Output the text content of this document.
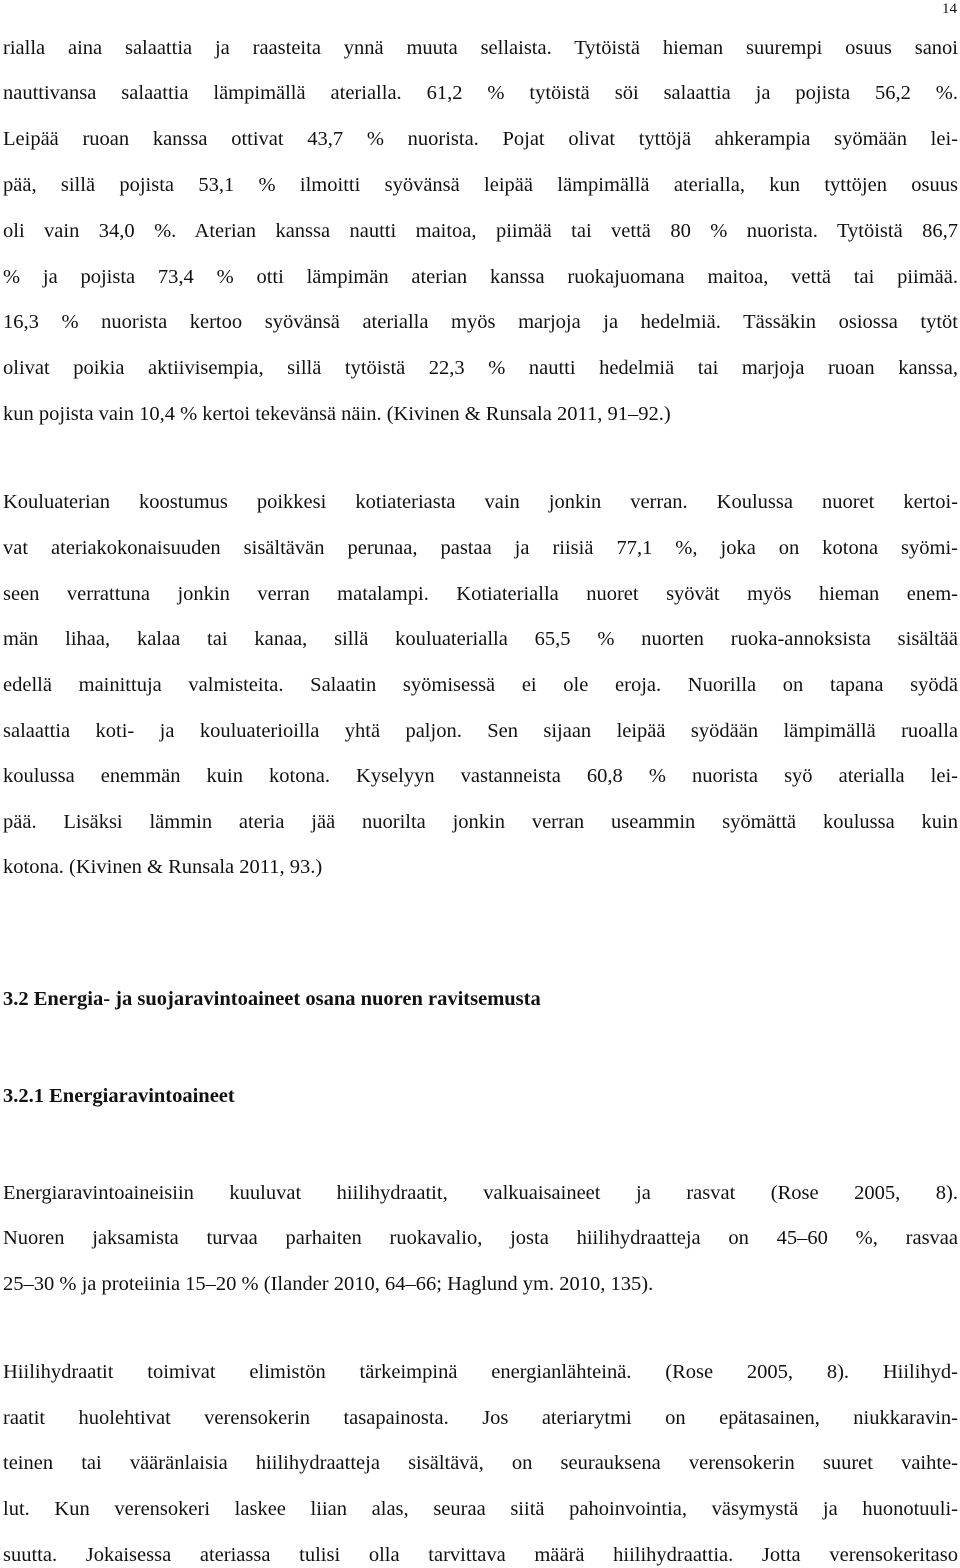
14
rialla aina salaattia ja raasteita ynnä muuta sellaista. Tytöistä hieman suurempi osuus sanoi
nauttivansa salaattia lämpimällä aterialla. 61,2 % tytöistä söi salaattia ja pojista 56,2 %.
Leipää ruoan kanssa ottivat 43,7 % nuorista. Pojat olivat tyttöjä ahkerampia syömään lei-
pää, sillä pojista 53,1 % ilmoitti syövänsä leipää lämpimällä aterialla, kun tyttöjen osuus
oli vain 34,0 %. Aterian kanssa nautti maitoa, piimää tai vettä 80 % nuorista. Tytöistä 86,7
% ja pojista 73,4 % otti lämpimän aterian kanssa ruokajuomana maitoa, vettä tai piimää.
16,3 % nuorista kertoo syövänsä aterialla myös marjoja ja hedelmiä. Tässäkin osiossa tytöt
olivat poikia aktiivisempia, sillä tytöistä 22,3 % nautti hedelmiä tai marjoja ruoan kanssa,
kun pojista vain 10,4 % kertoi tekevänsä näin. (Kivinen & Runsala 2011, 91–92.)
Kouluaterian koostumus poikkesi kotiateriasta vain jonkin verran. Koulussa nuoret kertoi-
vat ateriakokonaisuuden sisältävän perunaa, pastaa ja riisiä 77,1 %, joka on kotona syömi-
seen verrattuna jonkin verran matalampi. Kotiaterialla nuoret syövät myös hieman enem-
män lihaa, kalaa tai kanaa, sillä kouluaterialla 65,5 % nuorten ruoka-annoksista sisältää
edellä mainittuja valmisteita. Salaatin syömisessä ei ole eroja. Nuorilla on tapana syödä
salaattia koti- ja kouluaterioilla yhtä paljon. Sen sijaan leipää syödään lämpimällä ruoalla
koulussa enemmän kuin kotona. Kyselyyn vastanneista 60,8 % nuorista syö aterialla lei-
pää. Lisäksi lämmin ateria jää nuorilta jonkin verran useammin syömättä koulussa kuin
kotona. (Kivinen & Runsala 2011, 93.)
3.2 Energia- ja suojaravintoaineet osana nuoren ravitsemusta
3.2.1 Energiaravintoaineet
Energiaravintoaineisiin kuuluvat hiilihydraatit, valkuaisaineet ja rasvat (Rose 2005, 8).
Nuoren jaksamista turvaa parhaiten ruokavalio, josta hiilihydraatteja on 45–60 %, rasvaa
25–30 % ja proteiinia 15–20 % (Ilander 2010, 64–66; Haglund ym. 2010, 135).
Hiilihydraatit toimivat elimistön tärkeimpinä energianlähteinä. (Rose 2005, 8). Hiilihyd-
raatit huolehtivat verensokerin tasapainosta. Jos ateriarytmi on epätasainen, niukkaravin-
teinen tai vääränlaisia hiilihydraatteja sisältävä, on seurauksena verensokerin suuret vaihte-
lut. Kun verensokeri laskee liian alas, seuraa siitä pahoinvointia, väsymystä ja huonotuuli-
suutta. Jokaisessa ateriassa tulisi olla tarvittava määrä hiilihydraattia. Jotta verensokeritaso
